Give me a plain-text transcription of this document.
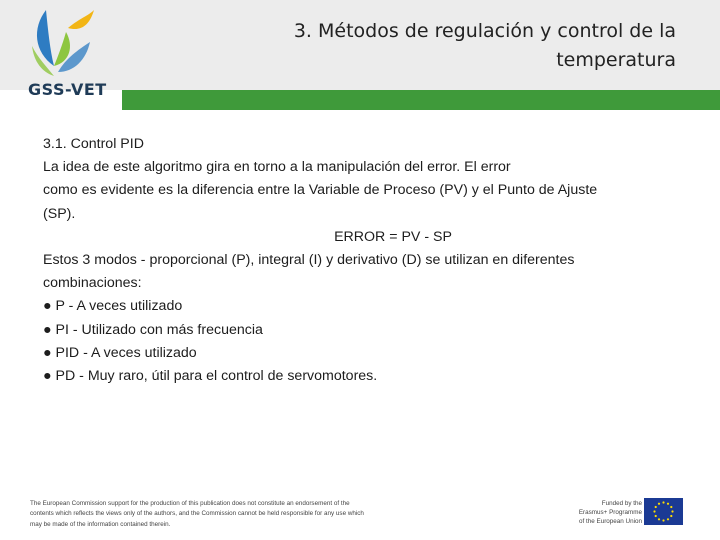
GSS-VET
3. Métodos de regulación y control de la
temperatura
3.1. Control PID
La idea de este algoritmo gira en torno a la manipulación del error. El error
como es evidente es la diferencia entre la Variable de Proceso (PV) y el Punto de Ajuste
(SP).
ERROR = PV - SP
Estos 3 modos - proporcional (P), integral (I) y derivativo (D) se utilizan en diferentes
combinaciones:
● P - A veces utilizado
● PI - Utilizado con más frecuencia
● PID - A veces utilizado
● PD - Muy raro, útil para el control de servomotores.
The European Commission support for the production of this publication does not constitute an endorsement of the
contents which reflects the views only of the authors, and the Commission cannot be held responsible for any use which
may be made of the information contained therein.
Funded by the
Erasmus+ Programme
of the European Union
